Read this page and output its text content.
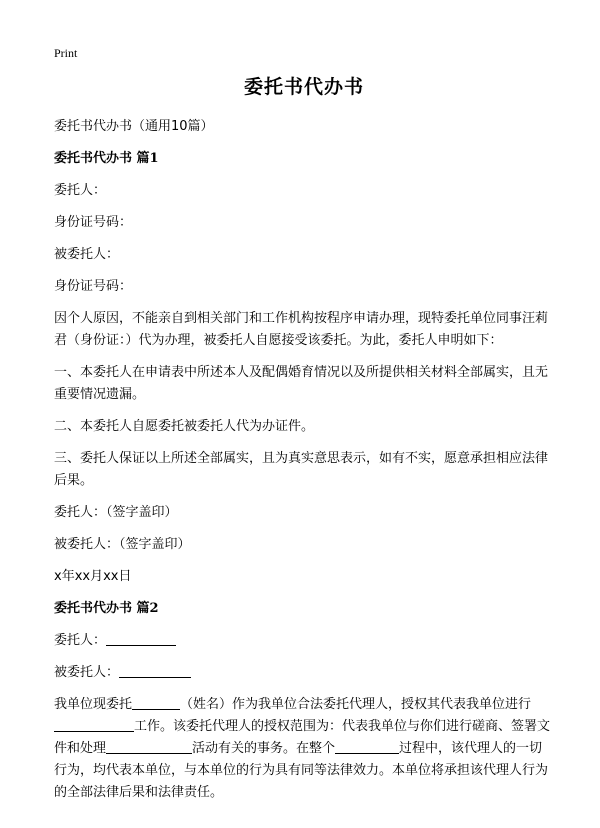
Print
委托书代办书
委托书代办书（通用10篇）
委托书代办书 篇1
委托人：
身份证号码：
被委托人：
身份证号码：
因个人原因，不能亲自到相关部门和工作机构按程序申请办理，现特委托单位同事汪莉君（身份证：）代为办理，被委托人自愿接受该委托。为此，委托人申明如下：
一、本委托人在申请表中所述本人及配偶婚育情况以及所提供相关材料全部属实，且无重要情况遗漏。
二、本委托人自愿委托被委托人代为办证件。
三、委托人保证以上所述全部属实，且为真实意思表示，如有不实，愿意承担相应法律后果。
委托人：（签字盖印）
被委托人：（签字盖印）
x年xx月xx日
委托书代办书 篇2
委托人：
被委托人：
我单位现委托	（姓名）作为我单位合法委托代理人，授权其代表我单位进行工作。该委托代理人的授权范围为：代表我单位与你们进行磋商、签署文件和处理	活动有关的事务。在整个	过程中，该代理人的一切行为，均代表本单位，与本单位的行为具有同等法律效力。本单位将承担该代理人行为的全部法律后果和法律责任。
